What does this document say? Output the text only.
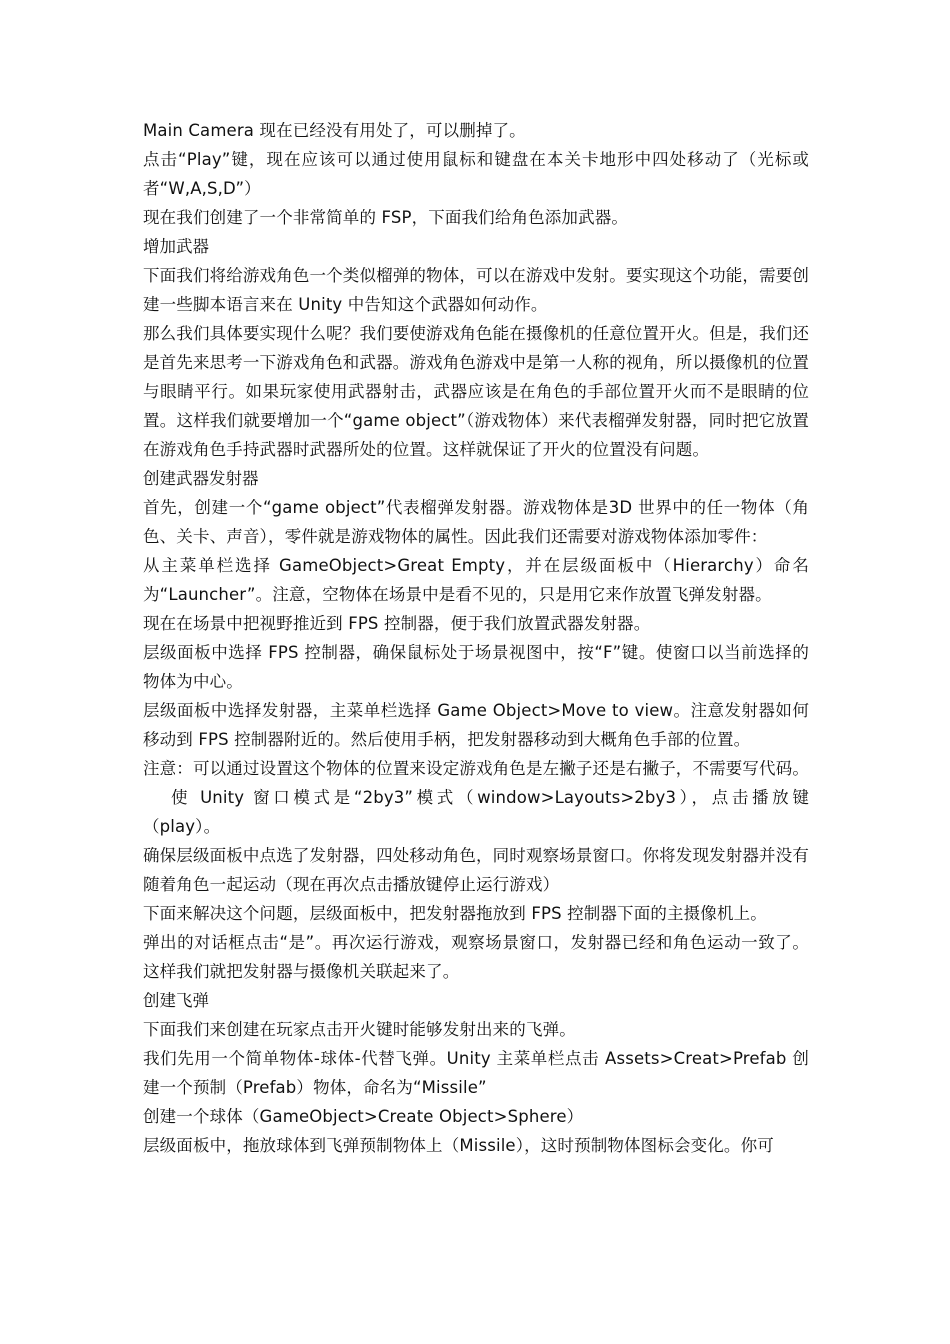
Main Camera 现在已经没有用处了，可以删掉了。

点击“Play”键，现在应该可以通过使用鼠标和键盘在本关卡地形中四处移动了（光标或者“W,A,S,D”）

现在我们创建了一个非常简单的 FSP，下面我们给角色添加武器。

增加武器

下面我们将给游戏角色一个类似榴弹的物体，可以在游戏中发射。要实现这个功能，需要创建一些脚本语言来在 Unity 中告知这个武器如何动作。

那么我们具体要实现什么呢？我们要使游戏角色能在摄像机的任意位置开火。但是，我们还是首先来思考一下游戏角色和武器。游戏角色游戏中是第一人称的视角，所以摄像机的位置与眼睛平行。如果玩家使用武器射击，武器应该是在角色的手部位置开火而不是眼睛的位置。这样我们就要增加一个“game object”（游戏物体）来代表榴弹发射器，同时把它放置在游戏角色手持武器时武器所处的位置。这样就保证了开火的位置没有问题。

创建武器发射器

首先，创建一个“game object”代表榴弹发射器。游戏物体是3D 世界中的任一物体（角色、关卡、声音），零件就是游戏物体的属性。因此我们还需要对游戏物体添加零件：

从主菜单栏选择 GameObject>Great Empty，并在层级面板中（Hierarchy）命名为“Launcher”。注意，空物体在场景中是看不见的，只是用它来作放置飞弹发射器。

现在在场景中把视野推近到 FPS 控制器，便于我们放置武器发射器。

层级面板中选择 FPS 控制器，确保鼠标处于场景视图中，按“F”键。使窗口以当前选择的物体为中心。

层级面板中选择发射器，主菜单栏选择 Game Object>Move to view。注意发射器如何移动到 FPS 控制器附近的。然后使用手柄，把发射器移动到大概角色手部的位置。

注意：可以通过设置这个物体的位置来设定游戏角色是左撇子还是右撇子，不需要写代码。

使 Unity 窗口模式是“2by3”模式（window>Layouts>2by3），点击播放键（play）。

确保层级面板中点选了发射器，四处移动角色，同时观察场景窗口。你将发现发射器并没有随着角色一起运动（现在再次点击播放键停止运行游戏）

下面来解决这个问题，层级面板中，把发射器拖放到 FPS 控制器下面的主摄像机上。

弹出的对话框点击“是”。再次运行游戏，观察场景窗口，发射器已经和角色运动一致了。这样我们就把发射器与摄像机关联起来了。

创建飞弹

下面我们来创建在玩家点击开火键时能够发射出来的飞弹。

我们先用一个简单物体-球体-代替飞弹。Unity 主菜单栏点击 Assets>Creat>Prefab 创建一个预制（Prefab）物体，命名为“Missile”

创建一个球体（GameObject>Create Object>Sphere）

层级面板中，拖放球体到飞弹预制物体上（Missile），这时预制物体图标会变化。你可
